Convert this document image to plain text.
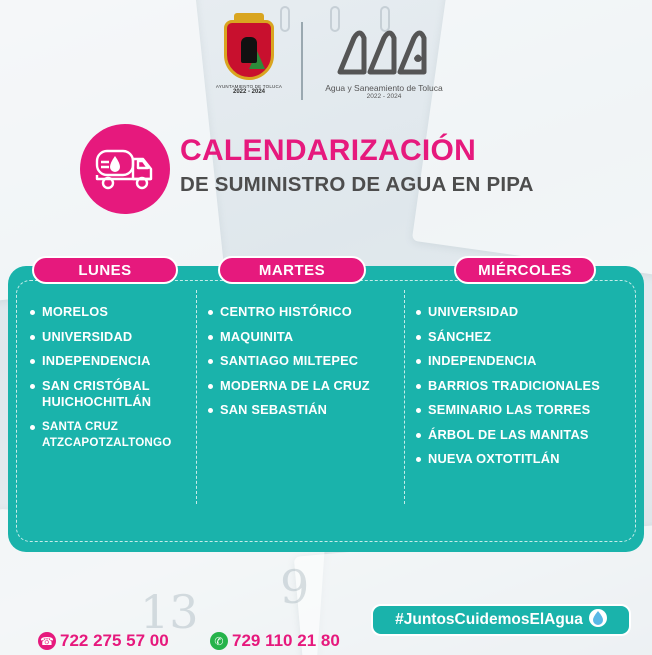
13 9
AYUNTAMIENTO DE TOLUCA
2022 - 2024	Agua y Saneamiento de Toluca
2022 - 2024
CALENDARIZACIÓN
DE SUMINISTRO DE AGUA EN PIPA
LUNES	MARTES	MIÉRCOLES
MORELOS
UNIVERSIDAD
INDEPENDENCIA
SAN CRISTÓBAL HUICHOCHITLÁN
SANTA CRUZ ATZCAPOTZALTONGO
CENTRO HISTÓRICO
MAQUINITA
SANTIAGO MILTEPEC
MODERNA DE LA CRUZ
SAN SEBASTIÁN
UNIVERSIDAD
SÁNCHEZ
INDEPENDENCIA
BARRIOS TRADICIONALES
SEMINARIO LAS TORRES
ÁRBOL DE LAS MANITAS
NUEVA OXTOTITLÁN
#JuntosCuidemosElAgua
☎ 722 275 57 00	✆ 729 110 21 80
